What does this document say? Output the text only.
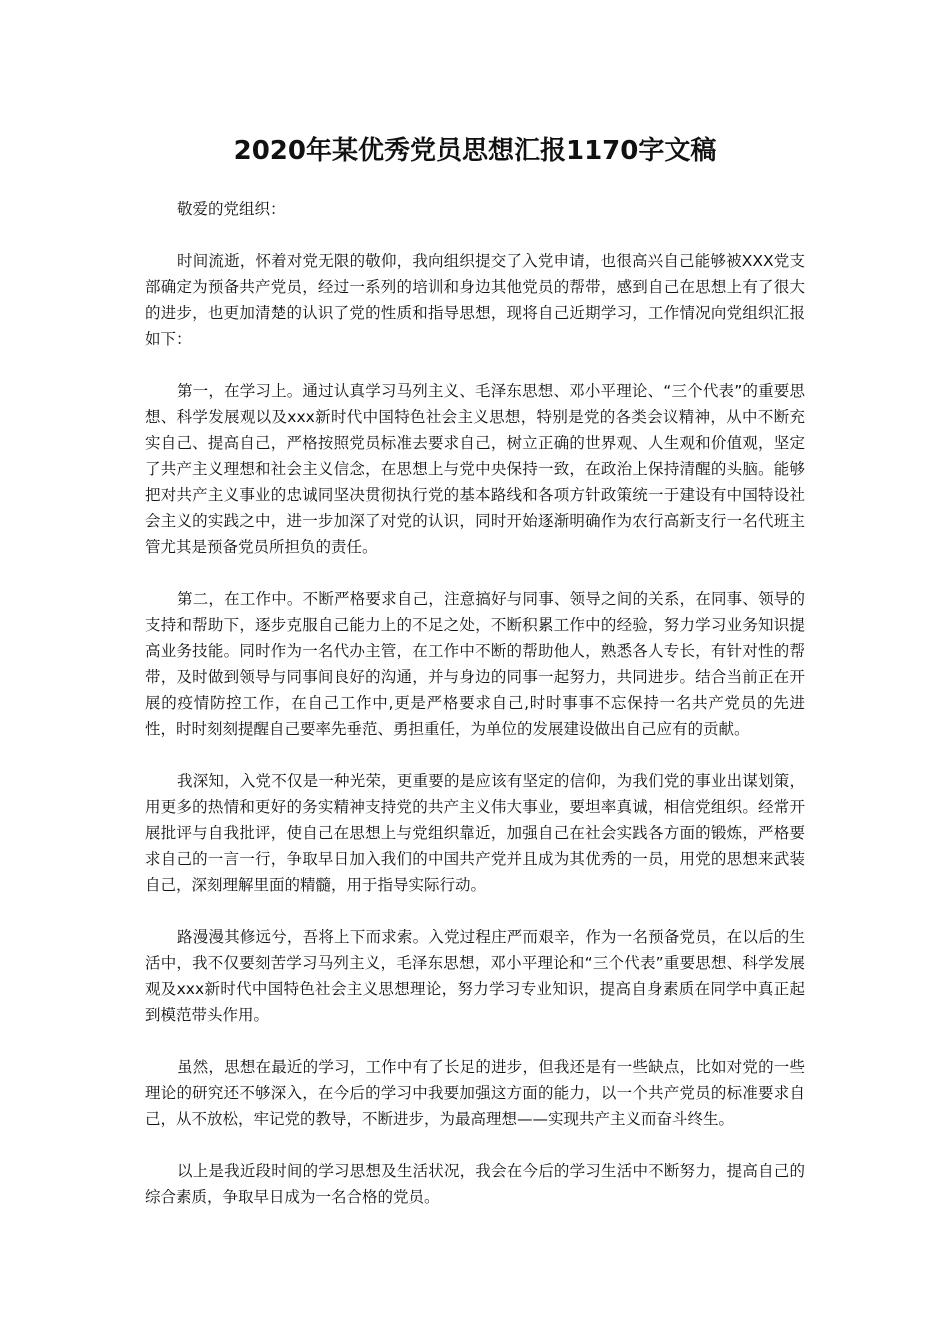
2020年某优秀党员思想汇报1170字文稿

敬爱的党组织：

时间流逝，怀着对党无限的敬仰，我向组织提交了入党申请，也很高兴自己能够被XXX党支部确定为预备共产党员，经过一系列的培训和身边其他党员的帮带，感到自己在思想上有了很大的进步，也更加清楚的认识了党的性质和指导思想，现将自己近期学习，工作情况向党组织汇报如下：

第一，在学习上。通过认真学习马列主义、毛泽东思想、邓小平理论、“三个代表”的重要思想、科学发展观以及xxx新时代中国特色社会主义思想，特别是党的各类会议精神，从中不断充实自己、提高自己，严格按照党员标准去要求自己，树立正确的世界观、人生观和价值观，坚定了共产主义理想和社会主义信念，在思想上与党中央保持一致，在政治上保持清醒的头脑。能够把对共产主义事业的忠诚同坚决贯彻执行党的基本路线和各项方针政策统一于建设有中国特设社会主义的实践之中，进一步加深了对党的认识，同时开始逐渐明确作为农行高新支行一名代班主管尤其是预备党员所担负的责任。

第二，在工作中。不断严格要求自己，注意搞好与同事、领导之间的关系，在同事、领导的支持和帮助下，逐步克服自己能力上的不足之处，不断积累工作中的经验，努力学习业务知识提高业务技能。同时作为一名代办主管，在工作中不断的帮助他人，熟悉各人专长，有针对性的帮带，及时做到领导与同事间良好的沟通，并与身边的同事一起努力，共同进步。结合当前正在开展的疫情防控工作，在自己工作中,更是严格要求自己,时时事事不忘保持一名共产党员的先进性，时时刻刻提醒自己要率先垂范、勇担重任，为单位的发展建设做出自己应有的贡献。

我深知，入党不仅是一种光荣，更重要的是应该有坚定的信仰，为我们党的事业出谋划策，用更多的热情和更好的务实精神支持党的共产主义伟大事业，要坦率真诚，相信党组织。经常开展批评与自我批评，使自己在思想上与党组织靠近，加强自己在社会实践各方面的锻炼，严格要求自己的一言一行，争取早日加入我们的中国共产党并且成为其优秀的一员，用党的思想来武装自己，深刻理解里面的精髓，用于指导实际行动。

路漫漫其修远兮，吾将上下而求索。入党过程庄严而艰辛，作为一名预备党员，在以后的生活中，我不仅要刻苦学习马列主义，毛泽东思想，邓小平理论和“三个代表”重要思想、科学发展观及xxx新时代中国特色社会主义思想理论，努力学习专业知识，提高自身素质在同学中真正起到模范带头作用。

虽然，思想在最近的学习，工作中有了长足的进步，但我还是有一些缺点，比如对党的一些理论的研究还不够深入，在今后的学习中我要加强这方面的能力，以一个共产党员的标准要求自己，从不放松，牢记党的教导，不断进步，为最高理想——实现共产主义而奋斗终生。

以上是我近段时间的学习思想及生活状况，我会在今后的学习生活中不断努力，提高自己的综合素质，争取早日成为一名合格的党员。
